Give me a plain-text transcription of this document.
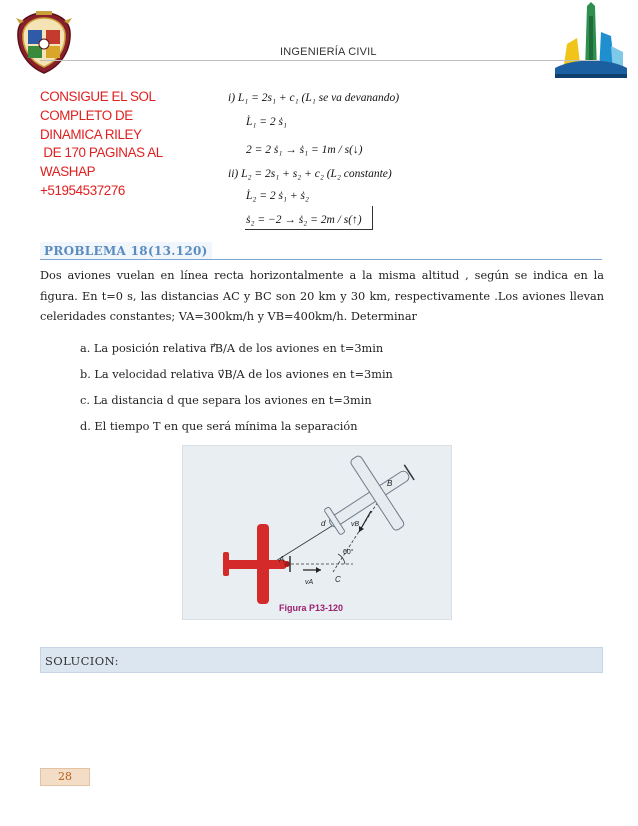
INGENIERÍA CIVIL
CONSIGUE EL SOL
COMPLETO DE
DINAMICA RILEY
DE 170 PAGINAS AL
WASHAP
+51954537276
i) L₁ = 2s₁ + c₁ (L₁ se va devanando)
L̇₁ = 2 ṡ₁
2 = 2 ṡ₁ → ṡ₁ = 1m / s(↓)
ii) L₂ = 2s₁ + s₂ + c₂ (L₂ constante)
L̇₂ = 2 ṡ₁ + ṡ₂
ṡ₂ = −2 → ṡ₂ = 2m / s(↑)
PROBLEMA 18(13.120)
Dos aviones vuelan en línea recta horizontalmente a la misma altitud , según se indica en la figura. En t=0 s, las distancias AC y BC son 20 km y 30 km, respectivamente .Los aviones llevan celeridades constantes; VA=300km/h y VB=400km/h. Determinar
a. La posición relativa r⃗B/A de los aviones en t=3min
b. La velocidad relativa v⃗B/A de los aviones en t=3min
c. La distancia d que separa los aviones en t=3min
d. El tiempo T en que será mínima la separación
A
B
C
d
vA
vB
60°
Figura P13-120
SOLUCION:
28
